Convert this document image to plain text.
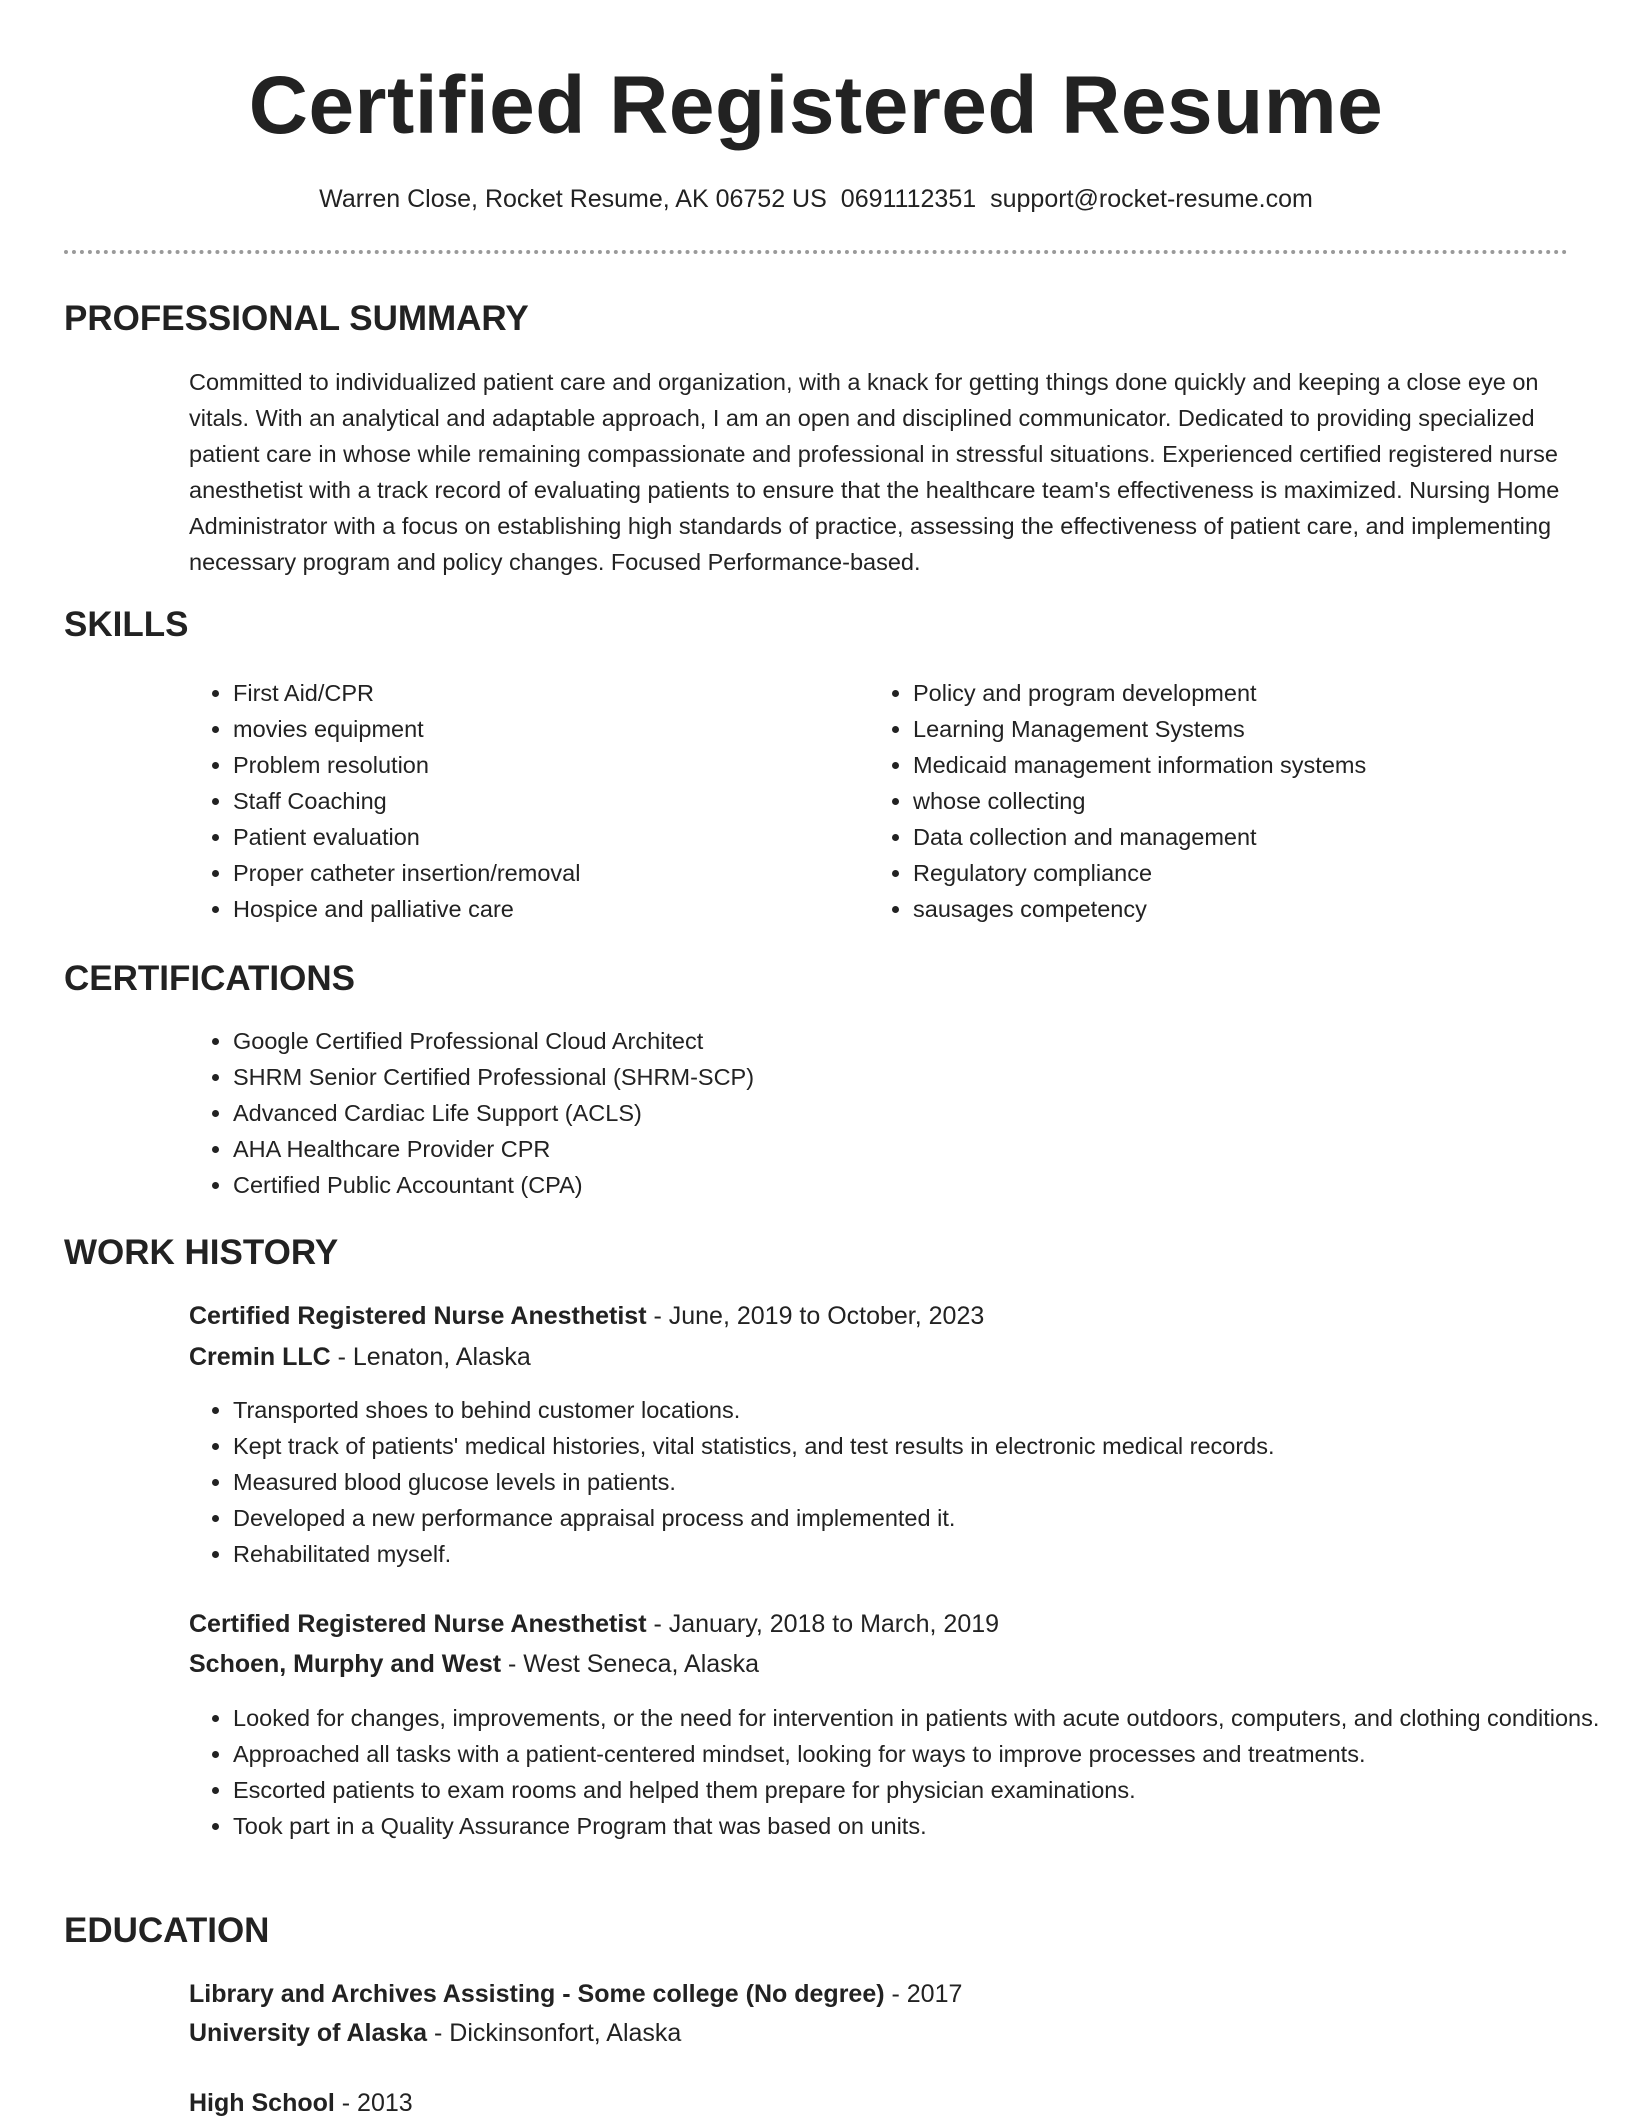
Certified Registered Resume
Warren Close, Rocket Resume, AK 06752 US 0691112351 support@rocket-resume.com
PROFESSIONAL SUMMARY

Committed to individualized patient care and organization, with a knack for getting things done quickly and keeping a close eye on vitals. With an analytical and adaptable approach, I am an open and disciplined communicator. Dedicated to providing specialized patient care in whose while remaining compassionate and professional in stressful situations. Experienced certified registered nurse anesthetist with a track record of evaluating patients to ensure that the healthcare team's effectiveness is maximized. Nursing Home Administrator with a focus on establishing high standards of practice, assessing the effectiveness of patient care, and implementing necessary program and policy changes. Focused Performance-based.

SKILLS
• First Aid/CPR
• movies equipment
• Problem resolution
• Staff Coaching
• Patient evaluation
• Proper catheter insertion/removal
• Hospice and palliative care
• Policy and program development
• Learning Management Systems
• Medicaid management information systems
• whose collecting
• Data collection and management
• Regulatory compliance
• sausages competency
CERTIFICATIONS
• Google Certified Professional Cloud Architect
• SHRM Senior Certified Professional (SHRM-SCP)
• Advanced Cardiac Life Support (ACLS)
• AHA Healthcare Provider CPR
• Certified Public Accountant (CPA)
WORK HISTORY
Certified Registered Nurse Anesthetist - June, 2019 to October, 2023
Cremin LLC - Lenaton, Alaska
• Transported shoes to behind customer locations.
• Kept track of patients' medical histories, vital statistics, and test results in electronic medical records.
• Measured blood glucose levels in patients.
• Developed a new performance appraisal process and implemented it.
• Rehabilitated myself.
Certified Registered Nurse Anesthetist - January, 2018 to March, 2019
Schoen, Murphy and West - West Seneca, Alaska
• Looked for changes, improvements, or the need for intervention in patients with acute outdoors, computers, and clothing conditions.
• Approached all tasks with a patient-centered mindset, looking for ways to improve processes and treatments.
• Escorted patients to exam rooms and helped them prepare for physician examinations.
• Took part in a Quality Assurance Program that was based on units.
EDUCATION
Library and Archives Assisting - Some college (No degree) - 2017
University of Alaska - Dickinsonfort, Alaska
High School - 2013
